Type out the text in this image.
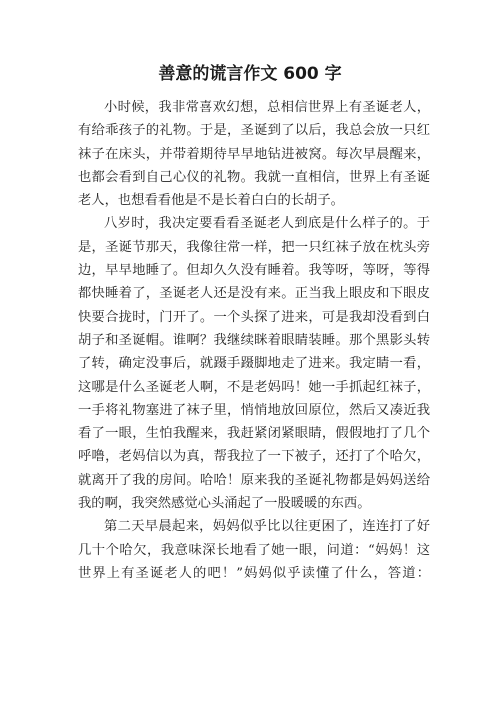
善意的谎言作文 600 字

小时候，我非常喜欢幻想，总相信世界上有圣诞老人，
有给乖孩子的礼物。于是，圣诞到了以后，我总会放一只红
袜子在床头，并带着期待早早地钻进被窝。每次早晨醒来，
也都会看到自己心仪的礼物。我就一直相信，世界上有圣诞
老人，也想看看他是不是长着白白的长胡子。

八岁时，我决定要看看圣诞老人到底是什么样子的。于
是，圣诞节那天，我像往常一样，把一只红袜子放在枕头旁
边，早早地睡了。但却久久没有睡着。我等呀，等呀，等得
都快睡着了，圣诞老人还是没有来。正当我上眼皮和下眼皮
快要合拢时，门开了。一个头探了进来，可是我却没看到白
胡子和圣诞帽。谁啊？我继续眯着眼睛装睡。那个黑影头转
了转，确定没事后，就蹑手蹑脚地走了进来。我定睛一看，
这哪是什么圣诞老人啊，不是老妈吗！她一手抓起红袜子，
一手将礼物塞进了袜子里，悄悄地放回原位，然后又凑近我
看了一眼，生怕我醒来，我赶紧闭紧眼睛，假假地打了几个
呼噜，老妈信以为真，帮我拉了一下被子，还打了个哈欠，
就离开了我的房间。哈哈！原来我的圣诞礼物都是妈妈送给
我的啊，我突然感觉心头涌起了一股暖暖的东西。

第二天早晨起来，妈妈似乎比以往更困了，连连打了好
几十个哈欠，我意味深长地看了她一眼，问道：“妈妈！这
世界上有圣诞老人的吧！”妈妈似乎读懂了什么，答道：
